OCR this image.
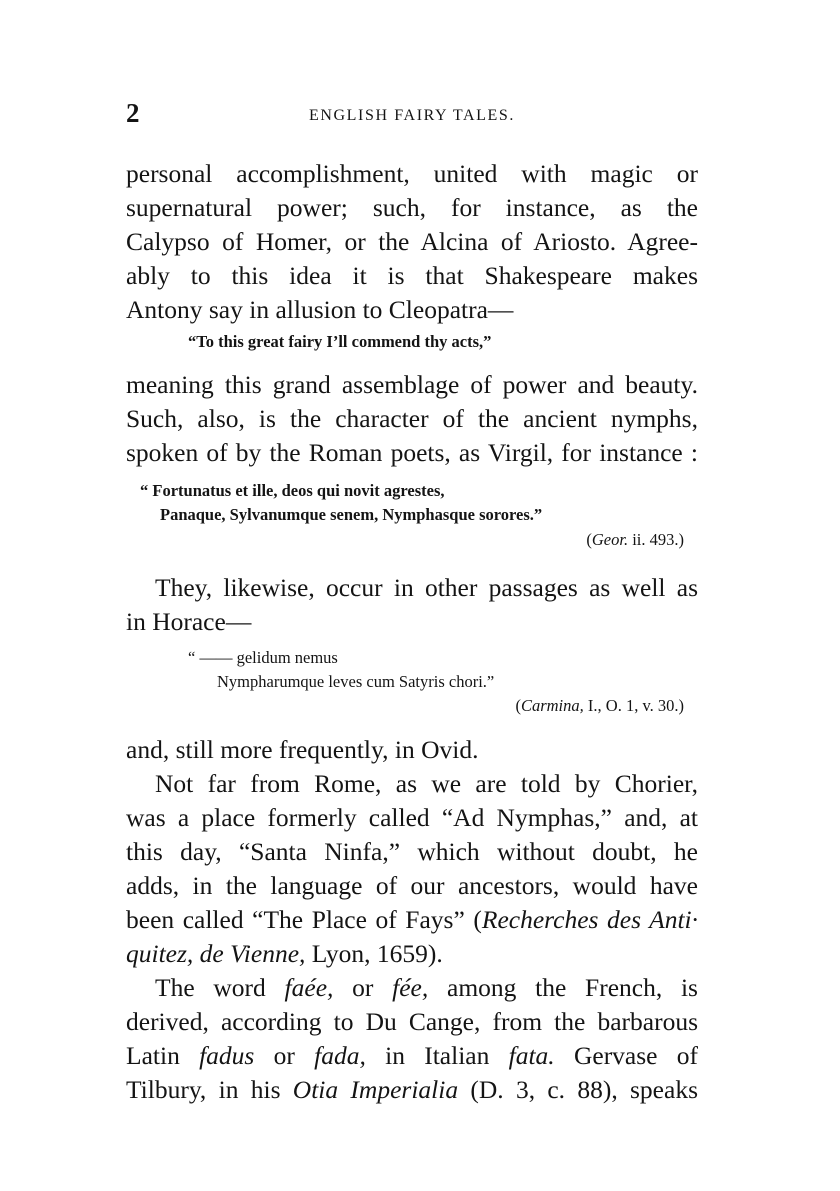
2	ENGLISH FAIRY TALES.
personal accomplishment, united with magic or
supernatural power; such, for instance, as the
Calypso of Homer, or the Alcina of Ariosto. Agree-
ably to this idea it is that Shakespeare makes
Antony say in allusion to Cleopatra—
“To this great fairy I’ll commend thy acts,”
meaning this grand assemblage of power and beauty.
Such, also, is the character of the ancient nymphs,
spoken of by the Roman poets, as Virgil, for instance :
“ Fortunatus et ille, deos qui novit agrestes,
Panaque, Sylvanumque senem, Nymphasque sorores.”
(Geor. ii. 493.)
They, likewise, occur in other passages as well as
in Horace—
“ —— gelidum nemus
Nympharumque leves cum Satyris chori.”
(Carmina, I., O. 1, v. 30.)
and, still more frequently, in Ovid.
Not far from Rome, as we are told by Chorier,
was a place formerly called “Ad Nymphas,” and, at
this day, “Santa Ninfa,” which without doubt, he
adds, in the language of our ancestors, would have
been called “The Place of Fays” (Recherches des Anti·
quitez, de Vienne, Lyon, 1659).
The word faée, or fée, among the French, is
derived, according to Du Cange, from the barbarous
Latin fadus or fada, in Italian fata. Gervase of
Tilbury, in his Otia Imperialia (D. 3, c. 88), speaks
